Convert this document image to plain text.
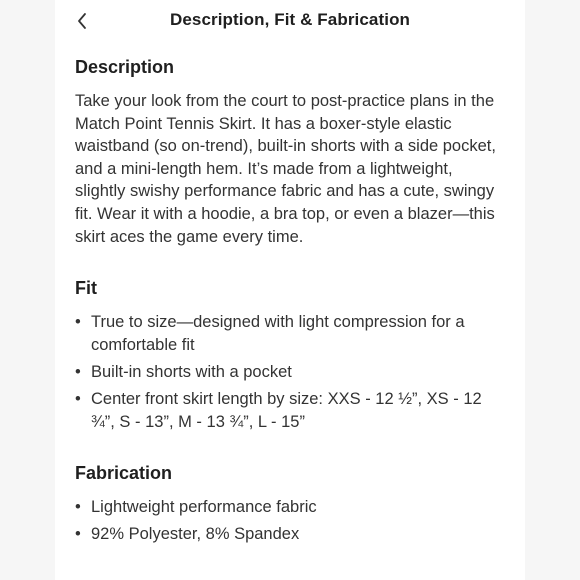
Description, Fit & Fabrication
Description

Take your look from the court to post-practice plans in the Match Point Tennis Skirt. It has a boxer-style elastic waistband (so on-trend), built-in shorts with a side pocket, and a mini-length hem. It’s made from a lightweight, slightly swishy performance fabric and has a cute, swingy fit. Wear it with a hoodie, a bra top, or even a blazer—this skirt aces the game every time.

Fit
• True to size—designed with light compression for a comfortable fit
• Built-in shorts with a pocket
• Center front skirt length by size: XXS - 12 ½”, XS - 12 ¾”, S - 13”, M - 13 ¾”, L - 15”
Fabrication
• Lightweight performance fabric
• 92% Polyester, 8% Spandex
